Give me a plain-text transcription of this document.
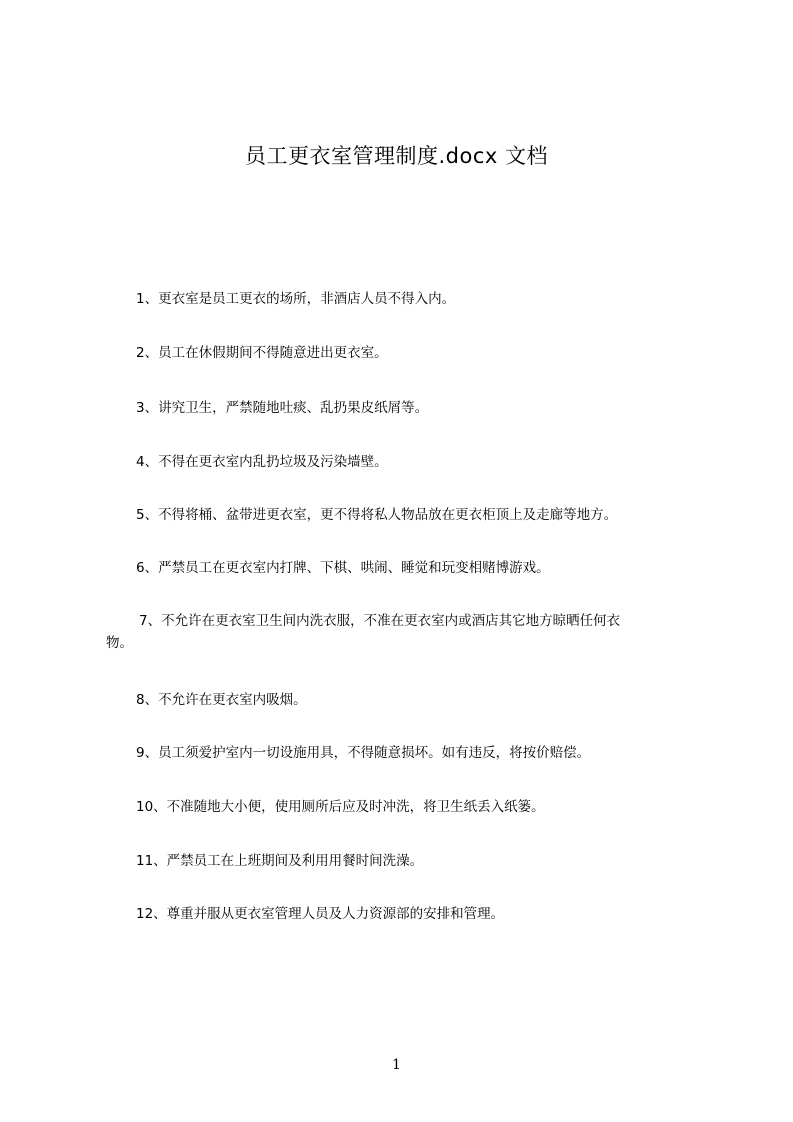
员工更衣室管理制度.docx 文档
1、更衣室是员工更衣的场所，非酒店人员不得入内。
2、员工在休假期间不得随意进出更衣室。
3、讲究卫生，严禁随地吐痰、乱扔果皮纸屑等。
4、不得在更衣室内乱扔垃圾及污染墙壁。
5、不得将桶、盆带进更衣室，更不得将私人物品放在更衣柜顶上及走廊等地方。
6、严禁员工在更衣室内打牌、下棋、哄闹、睡觉和玩变相赌博游戏。
7、不允许在更衣室卫生间内洗衣服，不准在更衣室内或酒店其它地方晾晒任何衣
物。
8、不允许在更衣室内吸烟。
9、员工须爱护室内一切设施用具，不得随意损坏。如有违反，将按价赔偿。
10、不准随地大小便，使用厕所后应及时冲洗，将卫生纸丢入纸篓。
11、严禁员工在上班期间及利用用餐时间洗澡。
12、尊重并服从更衣室管理人员及人力资源部的安排和管理。
1
